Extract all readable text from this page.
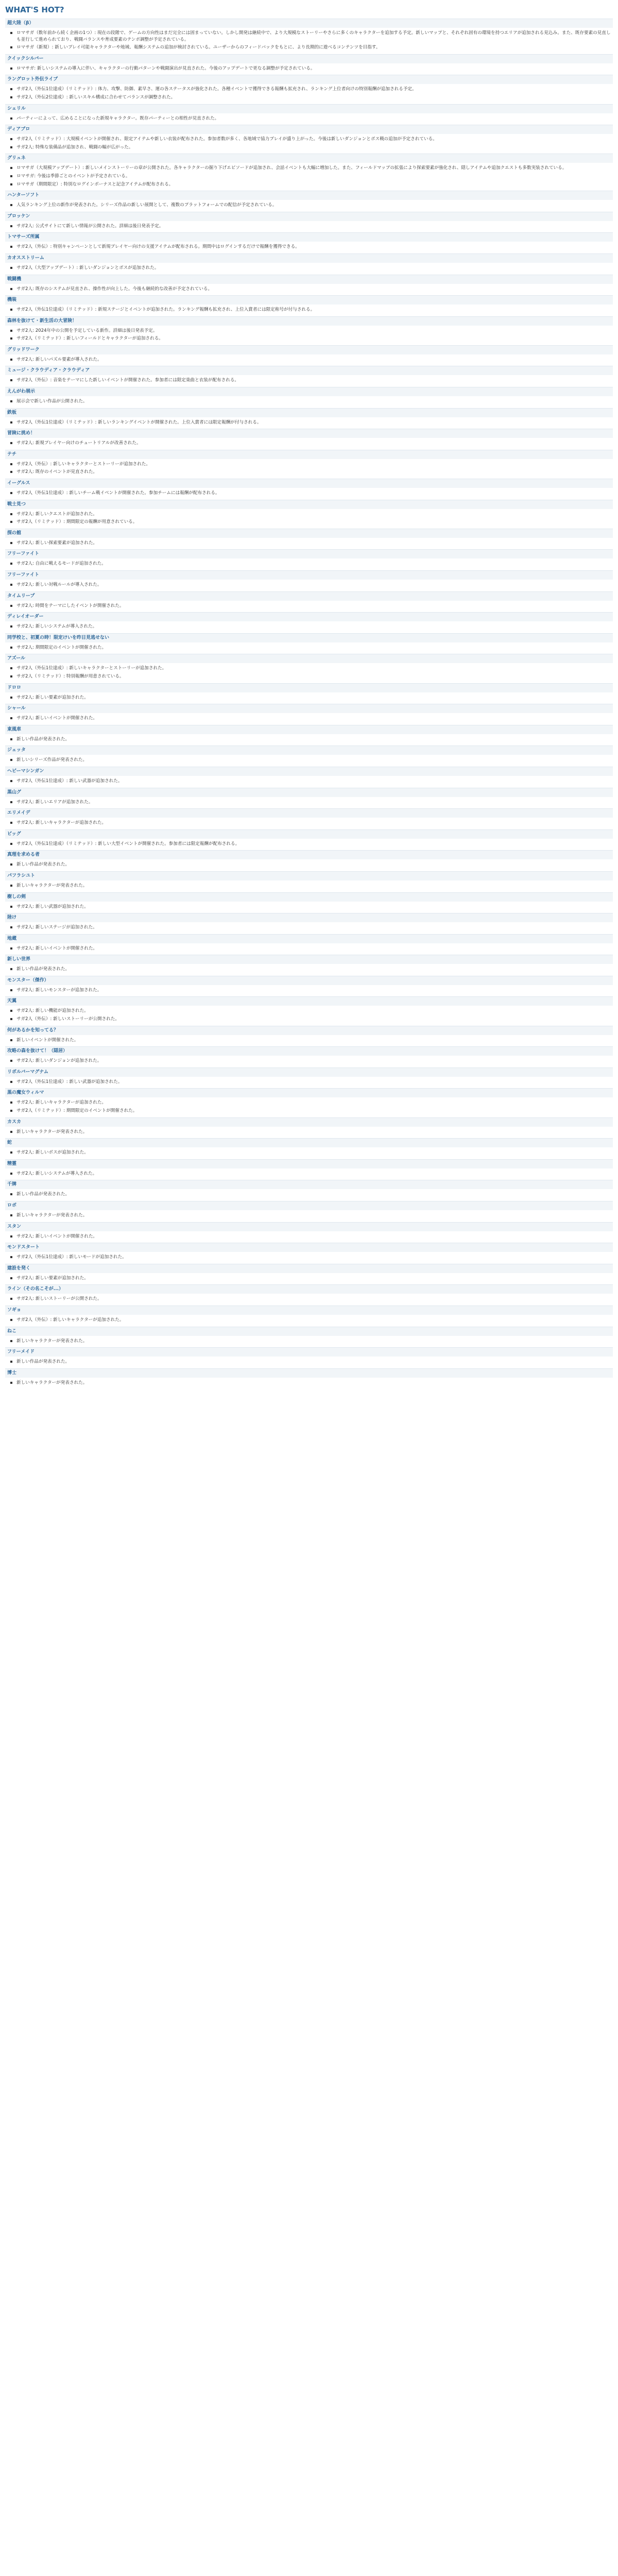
WHAT'S HOT?
超大陸（β）
ロマサガ（数年前から続く企画の1つ）: 現在の段階で、ゲームの方向性はまだ完全には固まっていない。しかし開発は継続中で、より大規模なストーリーやさらに多くのキャラクターを追加する予定。新しいマップと、それぞれ固有の環境を持つエリアが追加される見込み。また、既存要素の見直しも並行して進められており、戦闘バランスや育成要素のテンポ調整が予定されている。
ロマサガ（新規）: 新しいプレイ可能キャラクターや地域、報酬システムの追加が検討されている。ユーザーからのフィードバックをもとに、より長期的に遊べるコンテンツを目指す。
クイックシルバー
ロマサガ: 新しいシステムの導入に伴い、キャラクターの行動パターンや戦闘演出が見直された。今後のアップデートで更なる調整が予定されている。
ラングロット外伝ライブ
サガ2人（外伝1位達成）（リミテッド）: 体力、攻撃、防御、素早さ、運の各ステータスが強化された。各種イベントで獲得できる報酬も拡充され、ランキング上位者向けの特別報酬が追加される予定。
サガ2人（外伝2位達成）: 新しいスキル構成に合わせてバランスが調整された。
シェリル
パーティーによって、広めることになった新規キャラクター。既存パーティーとの相性が見直された。
ディアブロ
サガ2人（リミテッド）: 大規模イベントが開催され、限定アイテムや新しい衣装が配布された。参加者数が多く、各地域で協力プレイが盛り上がった。今後は新しいダンジョンとボス戦の追加が予定されている。
サガ2人: 特殊な装備品が追加され、戦闘の幅が広がった。
グリュネ
ロマサガ（大規模アップデート）: 新しいメインストーリーの章が公開された。各キャラクターの掘り下げエピソードが追加され、会話イベントも大幅に増加した。また、フィールドマップの拡張により探索要素が強化され、隠しアイテムや追加クエストも多数実装されている。
ロマサガ: 今後は季節ごとのイベントが予定されている。
ロマサガ（期間限定）: 特別なログインボーナスと記念アイテムが配布される。
ハンターソフト
人気ランキング上位の新作が発表された。シリーズ作品の新しい展開として、複数のプラットフォームでの配信が予定されている。
ブロッケン
サガ2人: 公式サイトにて新しい情報が公開された。詳細は後日発表予定。
トマサーズ所属
サガ2人（外伝）: 特別キャンペーンとして新規プレイヤー向けの支援アイテムが配布される。期間中はログインするだけで報酬を獲得できる。
カオスストリーム
サガ2人（大型アップデート）: 新しいダンジョンとボスが追加された。
戦闘機
サガ2人: 既存のシステムが見直され、操作性が向上した。今後も継続的な改善が予定されている。
機装
サガ2人（外伝1位達成）（リミテッド）: 新規ステージとイベントが追加された。ランキング報酬も拡充され、上位入賞者には限定称号が付与される。
森林を抜けて・新生活の大冒険！
サガ2人: 2024年中の公開を予定している新作。詳細は後日発表予定。
サガ2人（リミテッド）: 新しいフィールドとキャラクターが追加される。
グリッドワーク
サガ2人: 新しいパズル要素が導入された。
ミュージ・クラウディア・クラウディア
サガ2人（外伝）: 音楽をテーマにした新しいイベントが開催された。参加者には限定楽曲と衣装が配布される。
えんがわ展示
展示会で新しい作品が公開された。
鉄板
サガ2人（外伝1位達成）（リミテッド）: 新しいランキングイベントが開催された。上位入賞者には限定報酬が付与される。
冒険に挑め！
サガ2人: 新規プレイヤー向けのチュートリアルが改善された。
テチ
サガ2人（外伝）: 新しいキャラクターとストーリーが追加された。
サガ2人: 既存のイベントが見直された。
イーグルス
サガ2人（外伝1位達成）: 新しいチーム戦イベントが開催された。参加チームには報酬が配布される。
戦士見つ
サガ2人: 新しいクエストが追加された。
サガ2人（リミテッド）: 期間限定の報酬が用意されている。
探の館
サガ2人: 新しい探索要素が追加された。
フリーファイト
サガ2人: 自由に戦えるモードが追加された。
フリーファイト
サガ2人: 新しい対戦ルールが導入された。
タイムリープ
サガ2人: 時間をテーマにしたイベントが開催された。
ディレイオーダー
サガ2人: 新しいシステムが導入された。
同学校と、初夏の時！限定けいを昨日見逃せない
サガ2人: 期間限定のイベントが開催された。
アズール
サガ2人（外伝1位達成）: 新しいキャラクターとストーリーが追加された。
サガ2人（リミテッド）: 特別報酬が用意されている。
ドロロ
サガ2人: 新しい要素が追加された。
シャール
サガ2人: 新しいイベントが開催された。
東風車
新しい作品が発表された。
ジェッタ
新しいシリーズ作品が発表された。
ヘビーマシンガン
サガ2人（外伝1位達成）: 新しい武器が追加された。
黒山グ
サガ2人: 新しいエリアが追加された。
エリメイデ
サガ2人: 新しいキャラクターが追加された。
ビッグ
サガ2人（外伝1位達成）（リミテッド）: 新しい大型イベントが開催された。参加者には限定報酬が配布される。
真理を求める者
新しい作品が発表された。
パフラシユト
新しいキャラクターが発表された。
樹しの剣
サガ2人: 新しい武器が追加された。
陸け
サガ2人: 新しいステージが追加された。
地蔵
サガ2人: 新しいイベントが開催された。
新しい世界
新しい作品が発表された。
モンスター（傑作）
サガ2人: 新しいモンスターが追加された。
天翼
サガ2人: 新しい機能が追加された。
サガ2人（外伝）: 新しいストーリーが公開された。
何があるかを知ってる？
新しいイベントが開催された。
攻略の森を抜けて！（隠居）
サガ2人: 新しいダンジョンが追加された。
リボルバーマグナム
サガ2人（外伝1位達成）: 新しい武器が追加された。
黒の魔女ウィルマ
サガ2人: 新しいキャラクターが追加された。
サガ2人（リミテッド）: 期間限定のイベントが開催された。
カスカ
新しいキャラクターが発表された。
蛇
サガ2人: 新しいボスが追加された。
精霊
サガ2人: 新しいシステムが導入された。
千牌
新しい作品が発表された。
ロボ
新しいキャラクターが発表された。
スタン
サガ2人: 新しいイベントが開催された。
モンドスタート
サガ2人（外伝1位達成）: 新しいモードが追加された。
建設を発く
サガ2人: 新しい要素が追加された。
ライン（その名こそが...）
サガ2人: 新しいストーリーが公開された。
ソギョ
サガ2人（外伝）: 新しいキャラクターが追加された。
ねこ
新しいキャラクターが発表された。
フリーメイド
新しい作品が発表された。
博士
新しいキャラクターが発表された。
